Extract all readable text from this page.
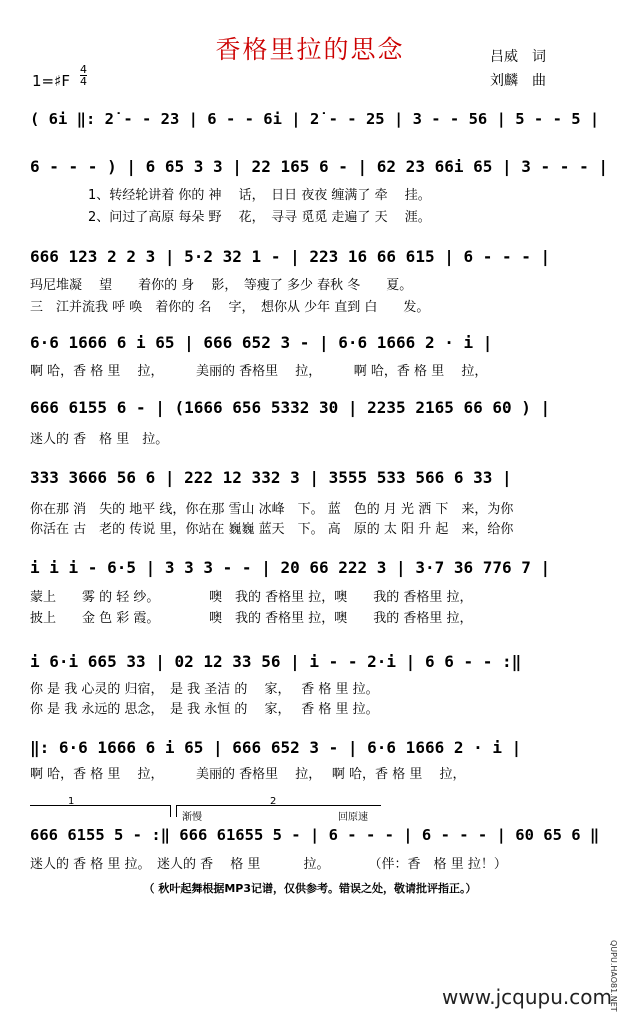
香格里拉的思念	吕威　词
刘麟　曲
1=♯F
4
4
( 6i ‖: 2̇ - - 23 | 6 - - 6i | 2̇ - - 25 | 3 - - 56 | 5 - - 5 |
6 - - - ) | 6 65 3 3 | 22 165 6 - | 62 23 66i 65 | 3 - - - |
1、转经轮讲着 你的 神　 话，　日日 夜夜 缠满了 牵　 挂。
2、问过了高原 每朵 野　 花，　寻寻 觅觅 走遍了 天　 涯。
666 123 2 2 3 | 5·2 32 1 - | 223 16 66 615 | 6 - - - |
玛尼堆凝　 望　　着你的 身　 影，　等瘦了 多少 春秋 冬　　夏。
三　江并流我 呼 唤　着你的 名　 字，　想你从 少年 直到 白　　发。
6·6 1666 6 i 65 | 666 652 3 - | 6·6 1666 2 · i |
啊 哈，香 格 里　 拉，　　　美丽的 香格里　 拉，　　　啊 哈，香 格 里　 拉，
666 6155 6 - | (1666 656 5332 30 | 2235 2165 66 60 ) |
迷人的 香　格 里　拉。
333 3666 56 6 | 222 12 332 3 | 3555 533 566 6 33 |
你在那 消　失的 地平 线，你在那 雪山 冰峰　下。 蓝　色的 月 光 洒 下　来，为你
你活在 古　老的 传说 里，你站在 巍巍 蓝天　下。 高　原的 太 阳 升 起　来，给你
i i i - 6·5 | 3 3 3 - - | 20 66 222 3 | 3·7 36 776 7 |
蒙上　　雾 的 轻 纱。　　　　 噢　我的 香格里 拉，噢　　我的 香格里 拉，
披上　　金 色 彩 霞。　　　　 噢　我的 香格里 拉，噢　　我的 香格里 拉，
i 6·i 665 33 | 02 12 33 56 | i - - 2·i | 6 6 - - :‖
你 是 我 心灵的 归宿，　是 我 圣洁 的　 家，　 香 格 里 拉。
你 是 我 永远的 思念，　是 我 永恒 的　 家，　 香 格 里 拉。
‖: 6·6 1666 6 i 65 | 666 652 3 - | 6·6 1666 2 · i |
啊 哈，香 格 里　 拉，　　　美丽的 香格里　 拉，　 啊 哈，香 格 里　 拉，
1	2
渐慢	回原速
666 6155 5 - :‖ 666 61655 5 - | 6 - - - | 6 - - - | 60 65 6 ‖
迷人的 香 格 里 拉。　迷人的 香　 格 里　　　 拉。　　　　（伴：香　格 里 拉！）
（ 秋叶起舞根据MP3记谱，仅供参考。错误之处，敬请批评指正。）
www.jcqupu.com
QUPU.HAO81.NET
